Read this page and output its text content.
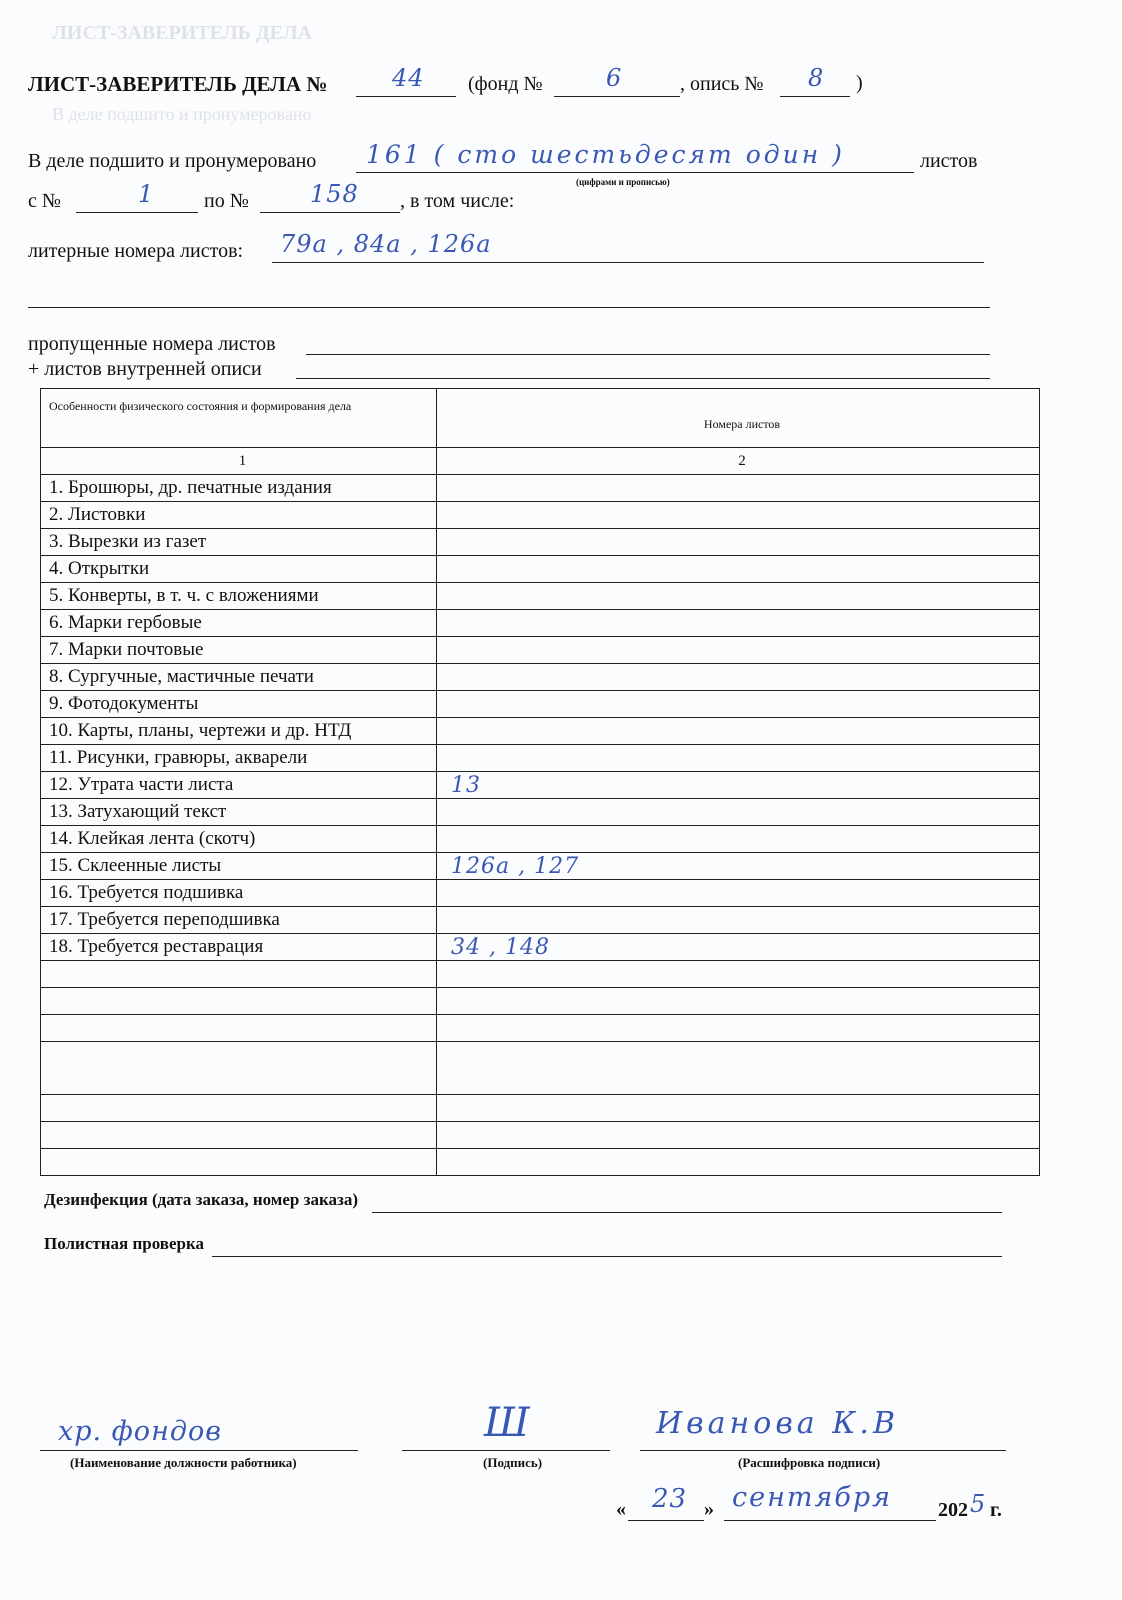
ЛИСТ-ЗАВЕРИТЕЛЬ ДЕЛА
В деле подшито и пронумеровано
ЛИСТ-ЗАВЕРИТЕЛЬ ДЕЛА №	44 (фонд №	6	, опись № 8 )
В деле подшито и пронумеровано 161 ( сто шестьдесят один )	листов
(цифрами и прописью)
с №	1 по №	158 , в том числе:
литерные номера листов: 79а , 84а , 126а
пропущенные номера листов
+ листов внутренней описи
Особенности физического состояния и формирования дела	Номера листов
1	2
1. Брошюры, др. печатные издания	
2. Листовки	
3. Вырезки из газет	
4. Открытки	
5. Конверты, в т. ч. с вложениями	
6. Марки гербовые	
7. Марки почтовые	
8. Сургучные, мастичные печати	
9. Фотодокументы	
10. Карты, планы, чертежи и др. НТД	
11. Рисунки, гравюры, акварели	
12. Утрата части листа	13
13. Затухающий текст	
14. Клейкая лента (скотч)	
15. Склеенные листы	126а , 127
16. Требуется подшивка	
17. Требуется переподшивка	
18. Требуется реставрация	34 , 148

Дезинфекция (дата заказа, номер заказа)
Полистная проверка
хр. фондов
(Наименование должности работника)
Ш
(Подпись)
Иванова К.В
(Расшифровка подписи)
« 23 » сентября 202 5 г.
